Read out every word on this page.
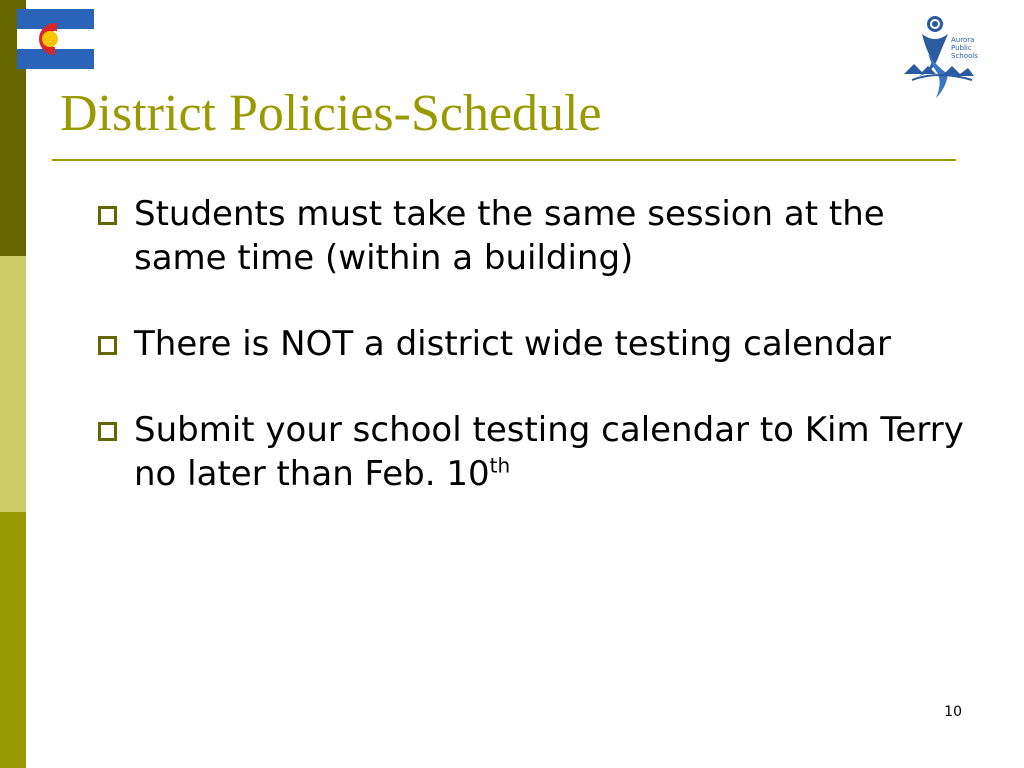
Aurora
Public
Schools
District Policies-Schedule
Students must take the same session at the same time (within a building)
There is NOT a district wide testing calendar
Submit your school testing calendar to Kim Terry no later than Feb. 10th
10
